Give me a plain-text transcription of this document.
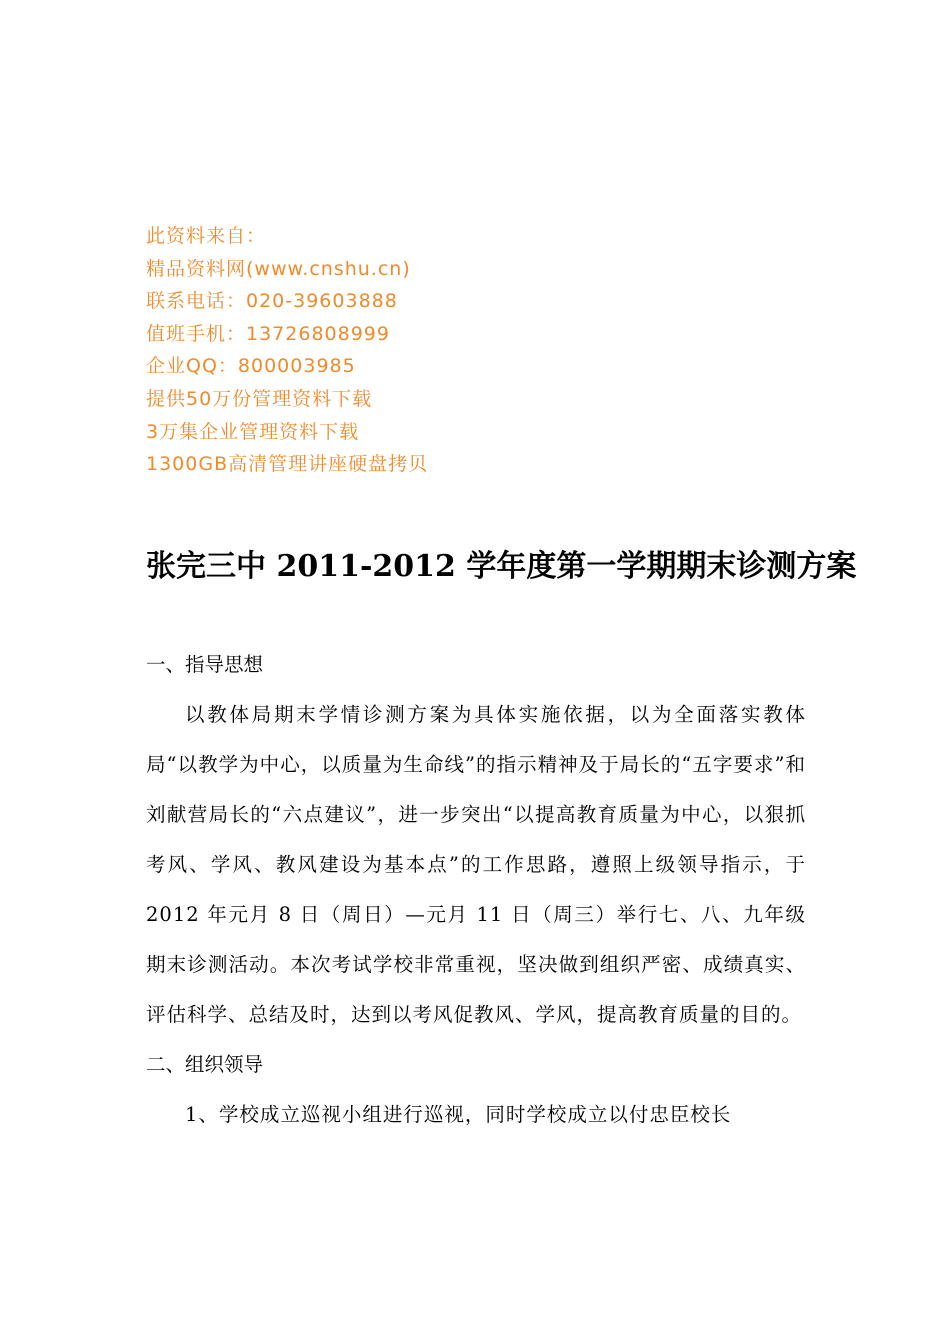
此资料来自：
精品资料网(www.cnshu.cn)
联系电话：020-39603888
值班手机：13726808999
企业QQ：800003985
提供50万份管理资料下载
3万集企业管理资料下载
1300GB高清管理讲座硬盘拷贝
张完三中 2011-2012 学年度第一学期期末诊测方案
一、指导思想

以教体局期末学情诊测方案为具体实施依据，以为全面落实教体局“以教学为中心，以质量为生命线”的指示精神及于局长的“五字要求”和刘献营局长的“六点建议”，进一步突出“以提高教育质量为中心，以狠抓考风、学风、教风建设为基本点”的工作思路，遵照上级领导指示，于 2012 年元月 8 日（周日）—元月 11 日（周三）举行七、八、九年级期末诊测活动。本次考试学校非常重视，坚决做到组织严密、成绩真实、评估科学、总结及时，达到以考风促教风、学风，提高教育质量的目的。

二、组织领导

1、学校成立巡视小组进行巡视，同时学校成立以付忠臣校长
